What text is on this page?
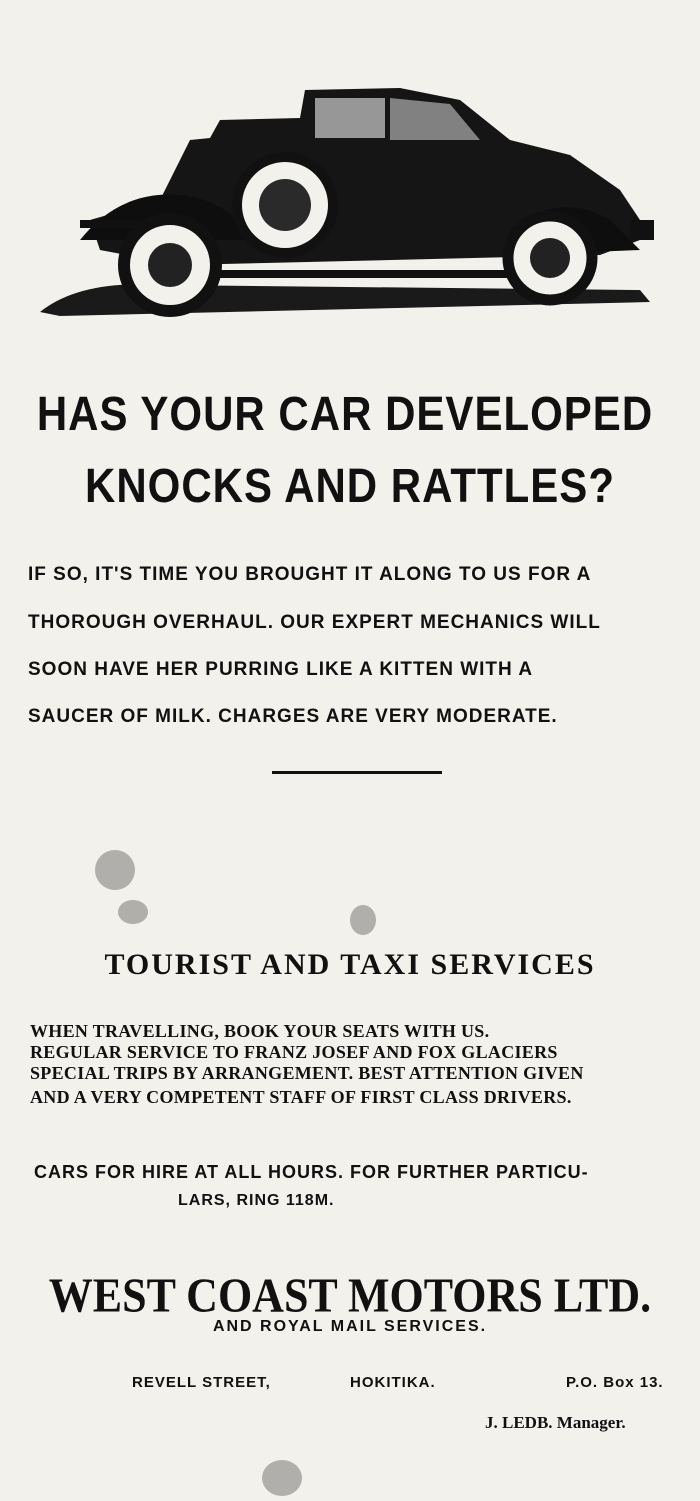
HAS YOUR CAR DEVELOPED
KNOCKS AND RATTLES?
IF SO, IT'S TIME YOU BROUGHT IT ALONG TO US FOR A
THOROUGH OVERHAUL. OUR EXPERT MECHANICS WILL
SOON HAVE HER PURRING LIKE A KITTEN WITH A
SAUCER OF MILK. CHARGES ARE VERY MODERATE.
TOURIST AND TAXI SERVICES
WHEN TRAVELLING, BOOK YOUR SEATS WITH US.
REGULAR SERVICE TO FRANZ JOSEF AND FOX GLACIERS
SPECIAL TRIPS BY ARRANGEMENT. BEST ATTENTION GIVEN
AND A VERY COMPETENT STAFF OF FIRST CLASS DRIVERS.
CARS FOR HIRE AT ALL HOURS. FOR FURTHER PARTICU-
LARS, RING 118M.
WEST COAST MOTORS LTD.
AND ROYAL MAIL SERVICES.
REVELL STREET,	HOKITIKA.	P.O. Box 13.
J. LEDB. Manager.
